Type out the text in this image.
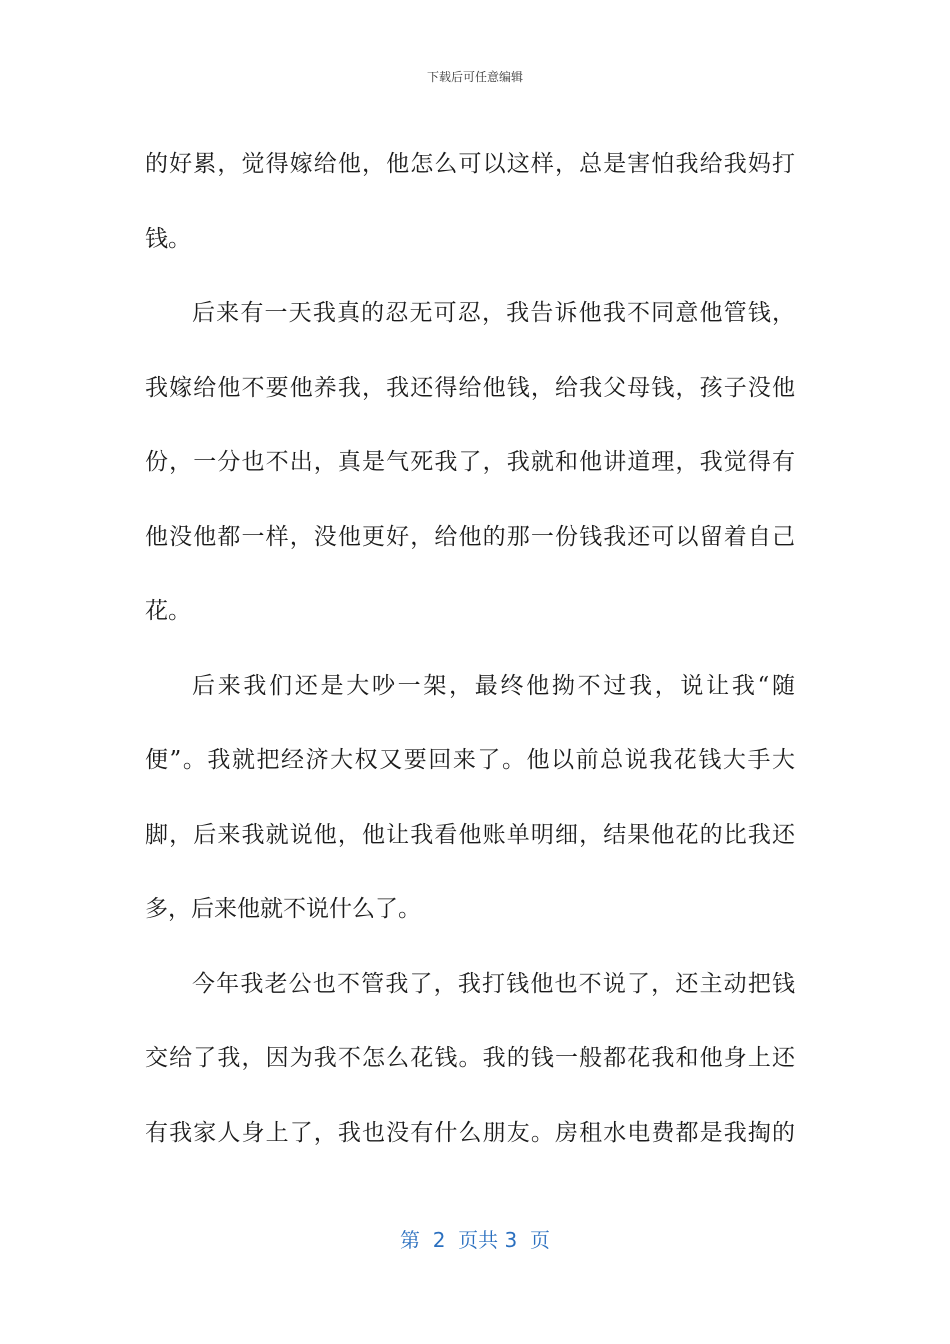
下载后可任意编辑
的好累，觉得嫁给他，他怎么可以这样，总是害怕我给我妈打
钱。
后来有一天我真的忍无可忍，我告诉他我不同意他管钱，
我嫁给他不要他养我，我还得给他钱，给我父母钱，孩子没他
份，一分也不出，真是气死我了，我就和他讲道理，我觉得有
他没他都一样，没他更好，给他的那一份钱我还可以留着自己
花。
后来我们还是大吵一架，最终他拗不过我，说让我“随
便”。我就把经济大权又要回来了。他以前总说我花钱大手大
脚，后来我就说他，他让我看他账单明细，结果他花的比我还
多，后来他就不说什么了。
今年我老公也不管我了，我打钱他也不说了，还主动把钱
交给了我，因为我不怎么花钱。我的钱一般都花我和他身上还
有我家人身上了，我也没有什么朋友。房租水电费都是我掏的
第  2  页共 3  页
